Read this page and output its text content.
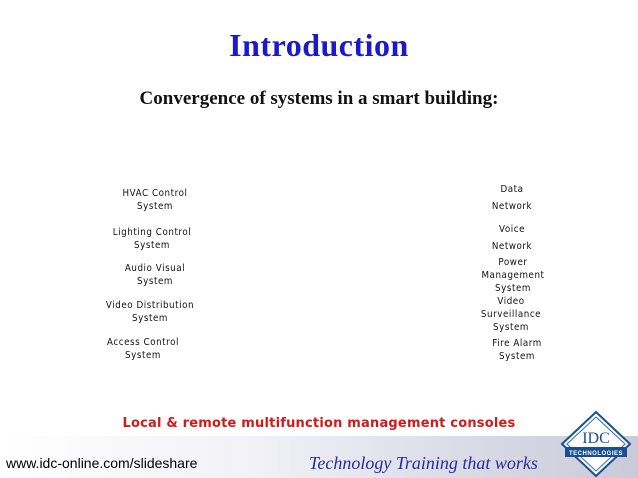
Introduction
Convergence of systems in a smart building:
HVAC Control
System
Lighting Control
System
Audio Visual
System
Video Distribution
System
Access Control
System
Data
Network
Voice
Network
Power
Management
System
Video
Surveillance
System
Fire Alarm
System
Local & remote multifunction management consoles
www.idc-online.com/slideshare	Technology Training that works
IDC
TECHNOLOGIES
